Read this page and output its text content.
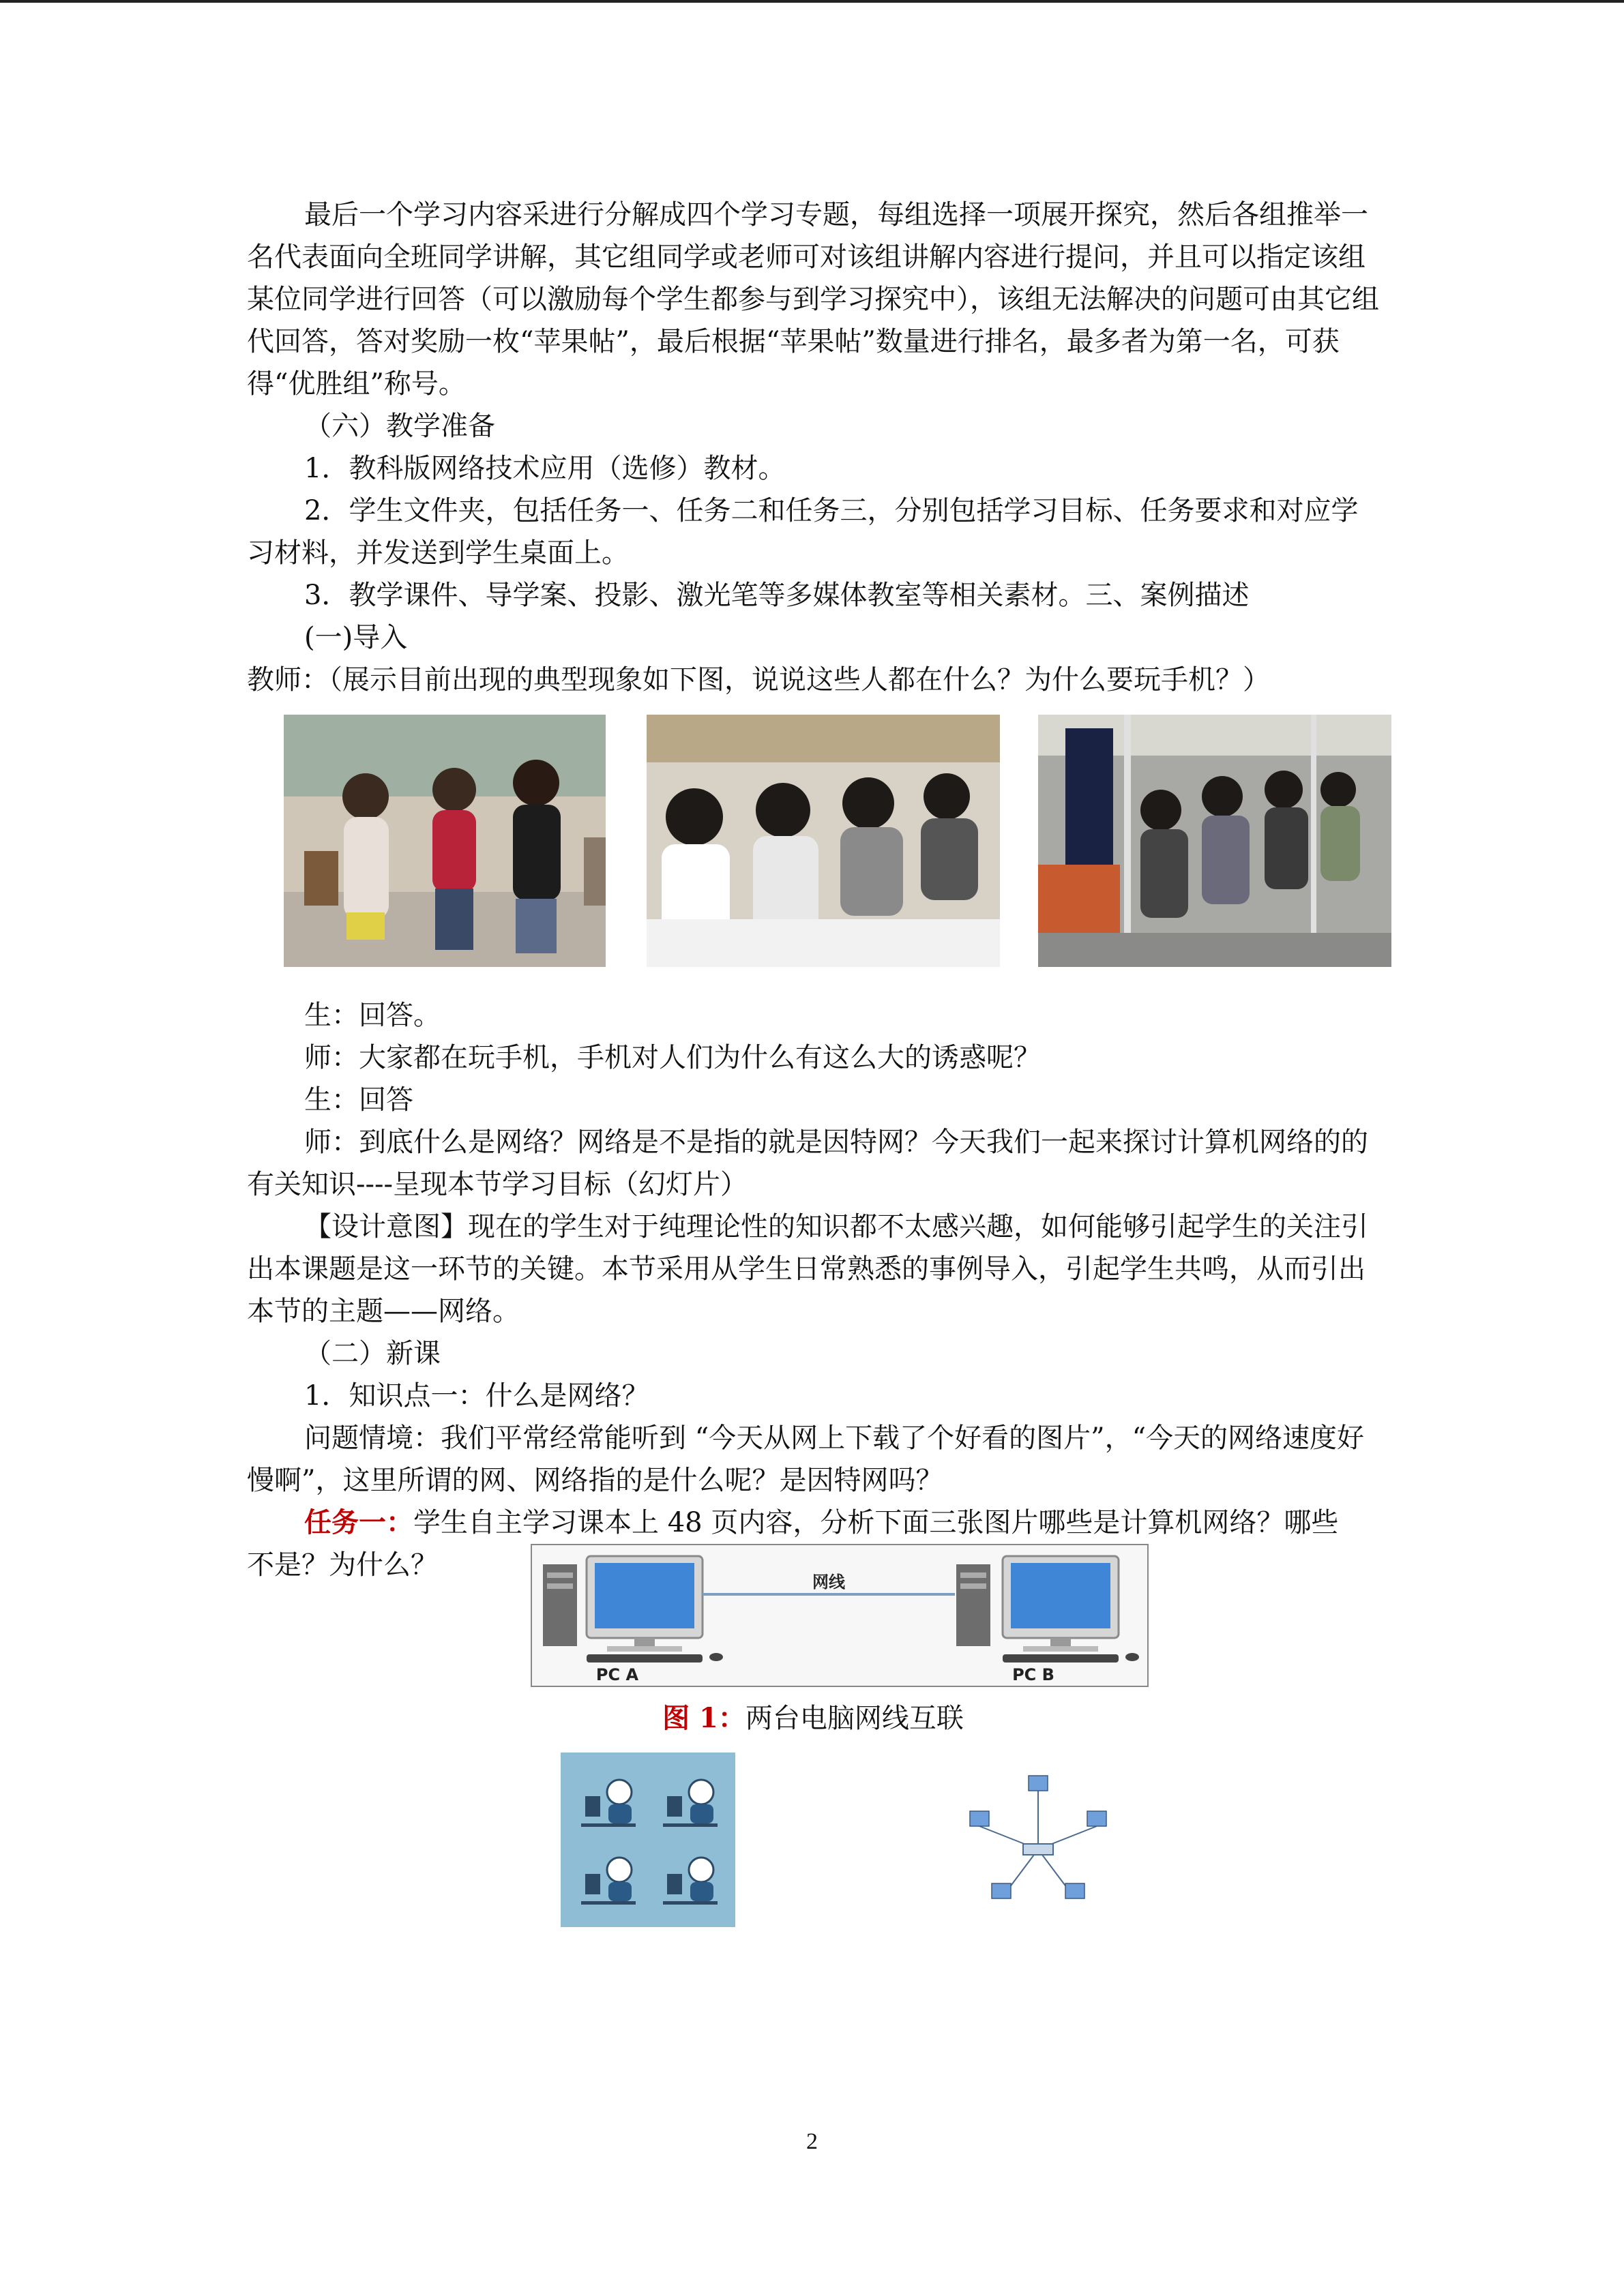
最后一个学习内容采进行分解成四个学习专题，每组选择一项展开探究，然后各组推举一名代表面向全班同学讲解，其它组同学或老师可对该组讲解内容进行提问，并且可以指定该组某位同学进行回答（可以激励每个学生都参与到学习探究中），该组无法解决的问题可由其它组代回答，答对奖励一枚“苹果帖”，最后根据“苹果帖”数量进行排名，最多者为第一名，可获得“优胜组”称号。

（六）教学准备

1．教科版网络技术应用（选修）教材。

2．学生文件夹，包括任务一、任务二和任务三，分别包括学习目标、任务要求和对应学习材料，并发送到学生桌面上。

3．教学课件、导学案、投影、激光笔等多媒体教室等相关素材。三、案例描述

(一)导入

教师：（展示目前出现的典型现象如下图，说说这些人都在什么？为什么要玩手机？）

生：回答。

师：大家都在玩手机，手机对人们为什么有这么大的诱惑呢？

生：回答

师：到底什么是网络？网络是不是指的就是因特网？今天我们一起来探讨计算机网络的的有关知识----呈现本节学习目标（幻灯片）

【设计意图】现在的学生对于纯理论性的知识都不太感兴趣，如何能够引起学生的关注引出本课题是这一环节的关键。本节采用从学生日常熟悉的事例导入，引起学生共鸣，从而引出本节的主题——网络。

（二）新课

1．知识点一：什么是网络？

问题情境：我们平常经常能听到 “今天从网上下载了个好看的图片”，“今天的网络速度好慢啊”，这里所谓的网、网络指的是什么呢？是因特网吗？

任务一：学生自主学习课本上 48 页内容，分析下面三张图片哪些是计算机网络？哪些

不是？为什么？

网线
PC A	PC B
图 1：两台电脑网线互联
2
